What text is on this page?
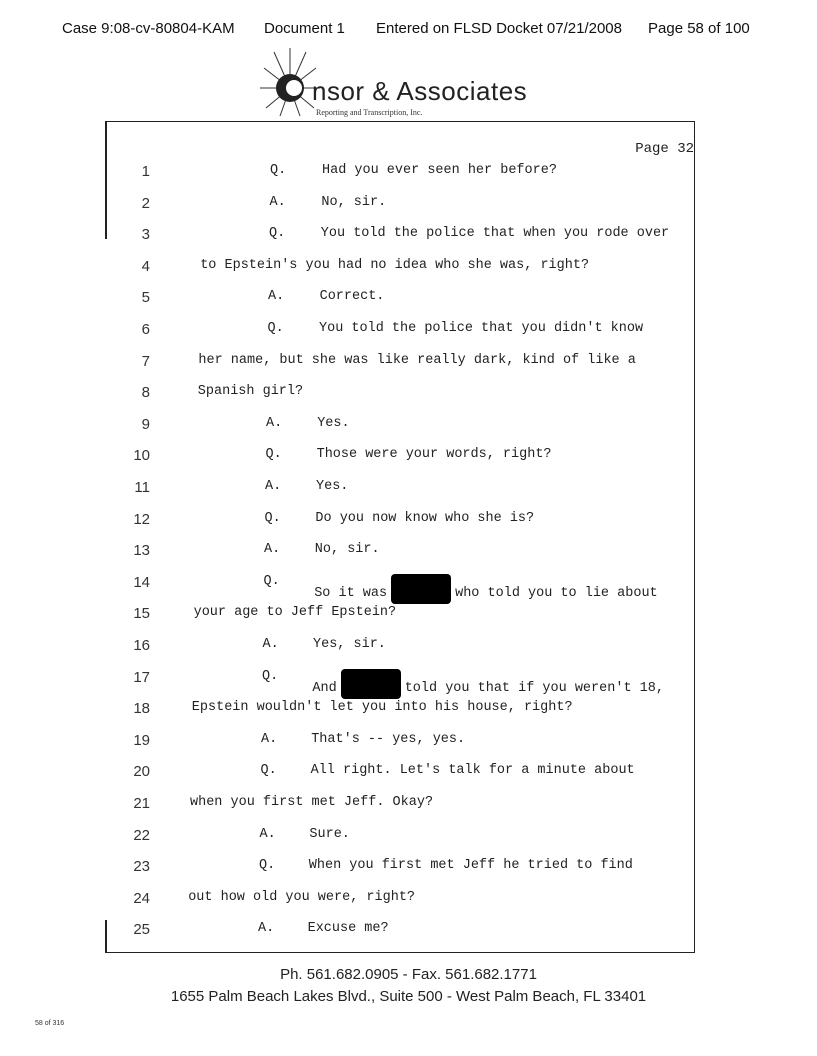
Case 9:08-cv-80804-KAM Document 1 Entered on FLSD Docket 07/21/2008 Page 58 of 100
nsor & Associates
Reporting and Transcription, Inc.
Page 32
1	Q.	Had you ever seen her before?
2	A.	No, sir.
3	Q.	You told the police that when you rode over
4	to Epstein's you had no idea who she was, right?
5	A.	Correct.
6	Q.	You told the police that you didn't know
7	her name, but she was like really dark, kind of like a
8	Spanish girl?
9	A.	Yes.
10	Q.	Those were your words, right?
11	A.	Yes.
12	Q.	Do you now know who she is?
13	A.	No, sir.
14	Q.
So it was	who told you to lie about
15	your age to Jeff Epstein?
16	A.	Yes, sir.
17	Q.
And	told you that if you weren't 18,
18	Epstein wouldn't let you into his house, right?
19	A.	That's -- yes, yes.
20	Q.	All right. Let's talk for a minute about
21	when you first met Jeff. Okay?
22	A. Sure.
23	Q. When you first met Jeff he tried to find
24	out how old you were, right?
25	A. Excuse me?
Ph. 561.682.0905 - Fax. 561.682.1771
1655 Palm Beach Lakes Blvd., Suite 500 - West Palm Beach, FL 33401
58 of 316
